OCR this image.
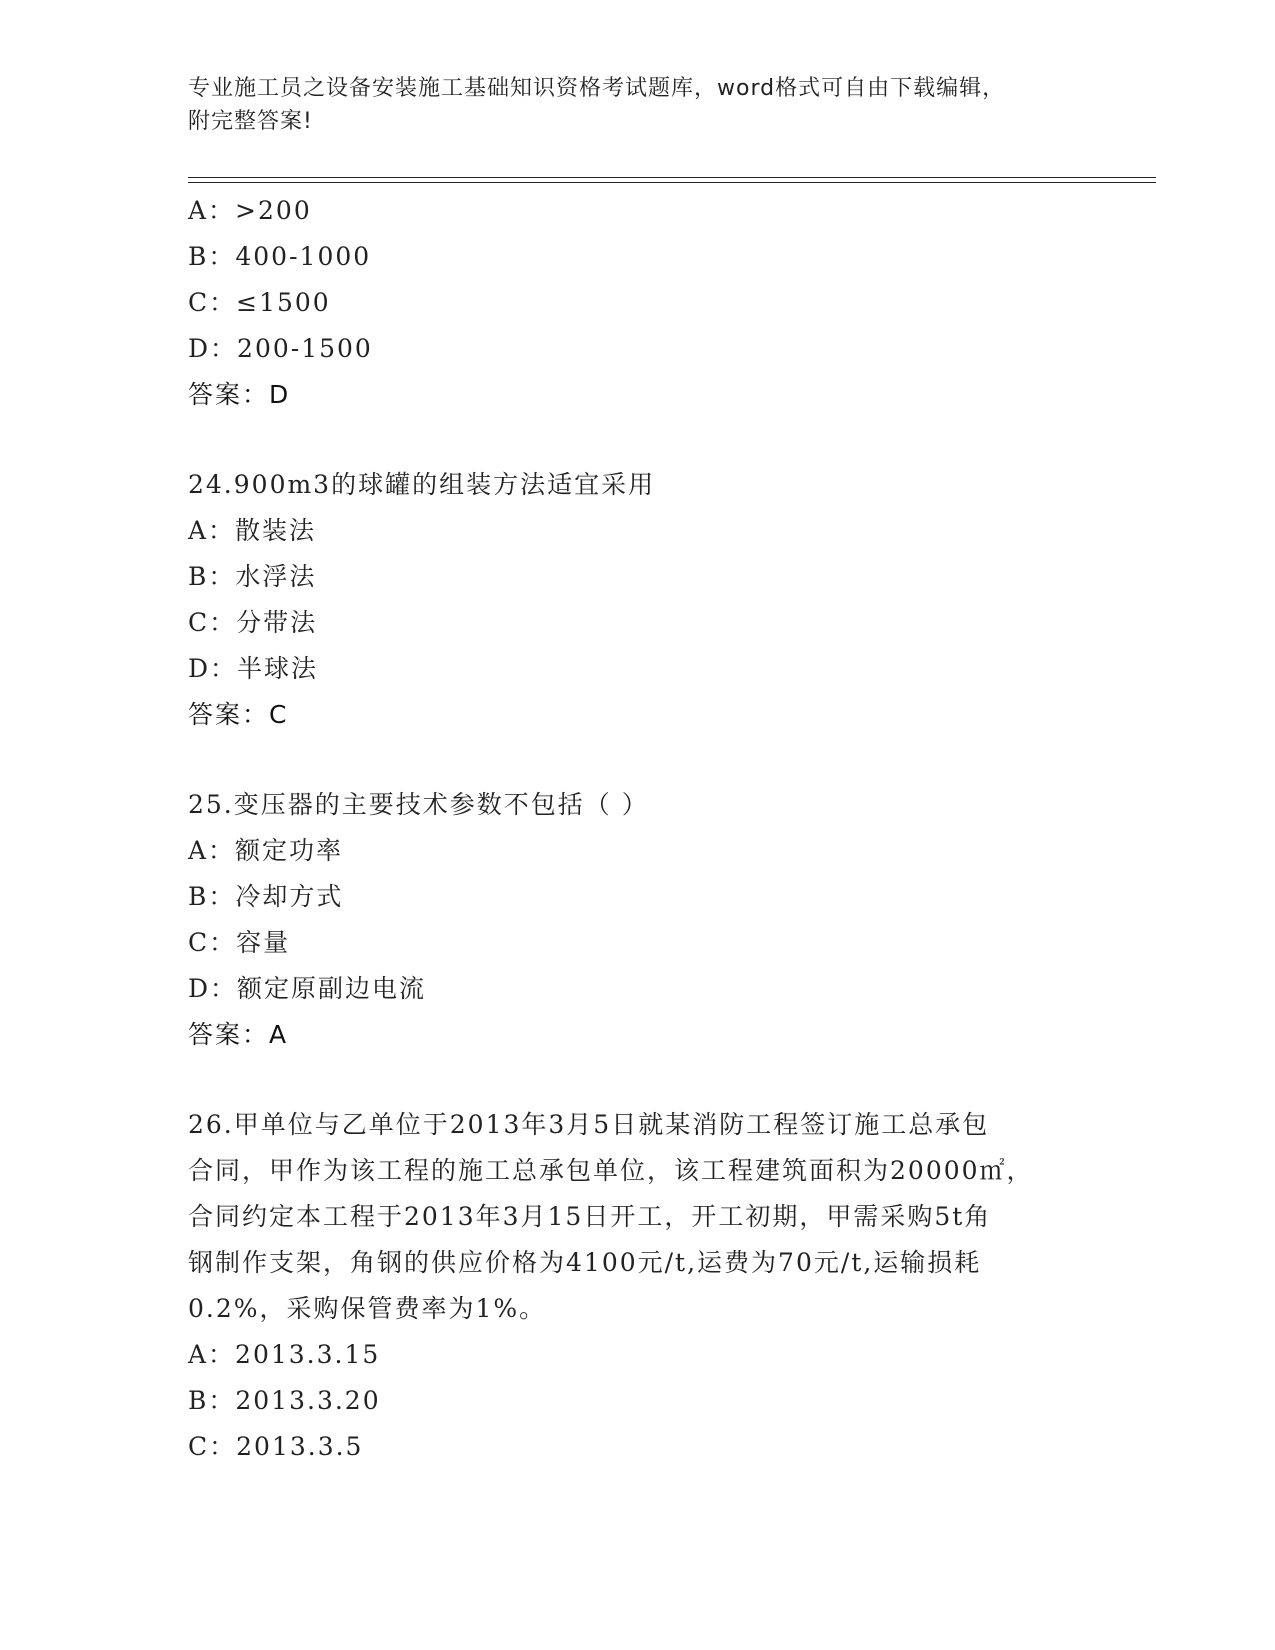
专业施工员之设备安装施工基础知识资格考试题库，word格式可自由下载编辑，
附完整答案!
A：>200
B：400-1000
C：≤1500
D：200-1500
答案：D
24.900m3的球罐的组装方法适宜采用
A：散装法
B：水浮法
C：分带法
D：半球法
答案：C
25.变压器的主要技术参数不包括（ ）
A：额定功率
B：冷却方式
C：容量
D：额定原副边电流
答案：A
26.甲单位与乙单位于2013年3月5日就某消防工程签订施工总承包
合同，甲作为该工程的施工总承包单位，该工程建筑面积为20000㎡，
合同约定本工程于2013年3月15日开工，开工初期，甲需采购5t角
钢制作支架，角钢的供应价格为4100元/t,运费为70元/t,运输损耗
0.2%，采购保管费率为1%。
A：2013.3.15
B：2013.3.20
C：2013.3.5
